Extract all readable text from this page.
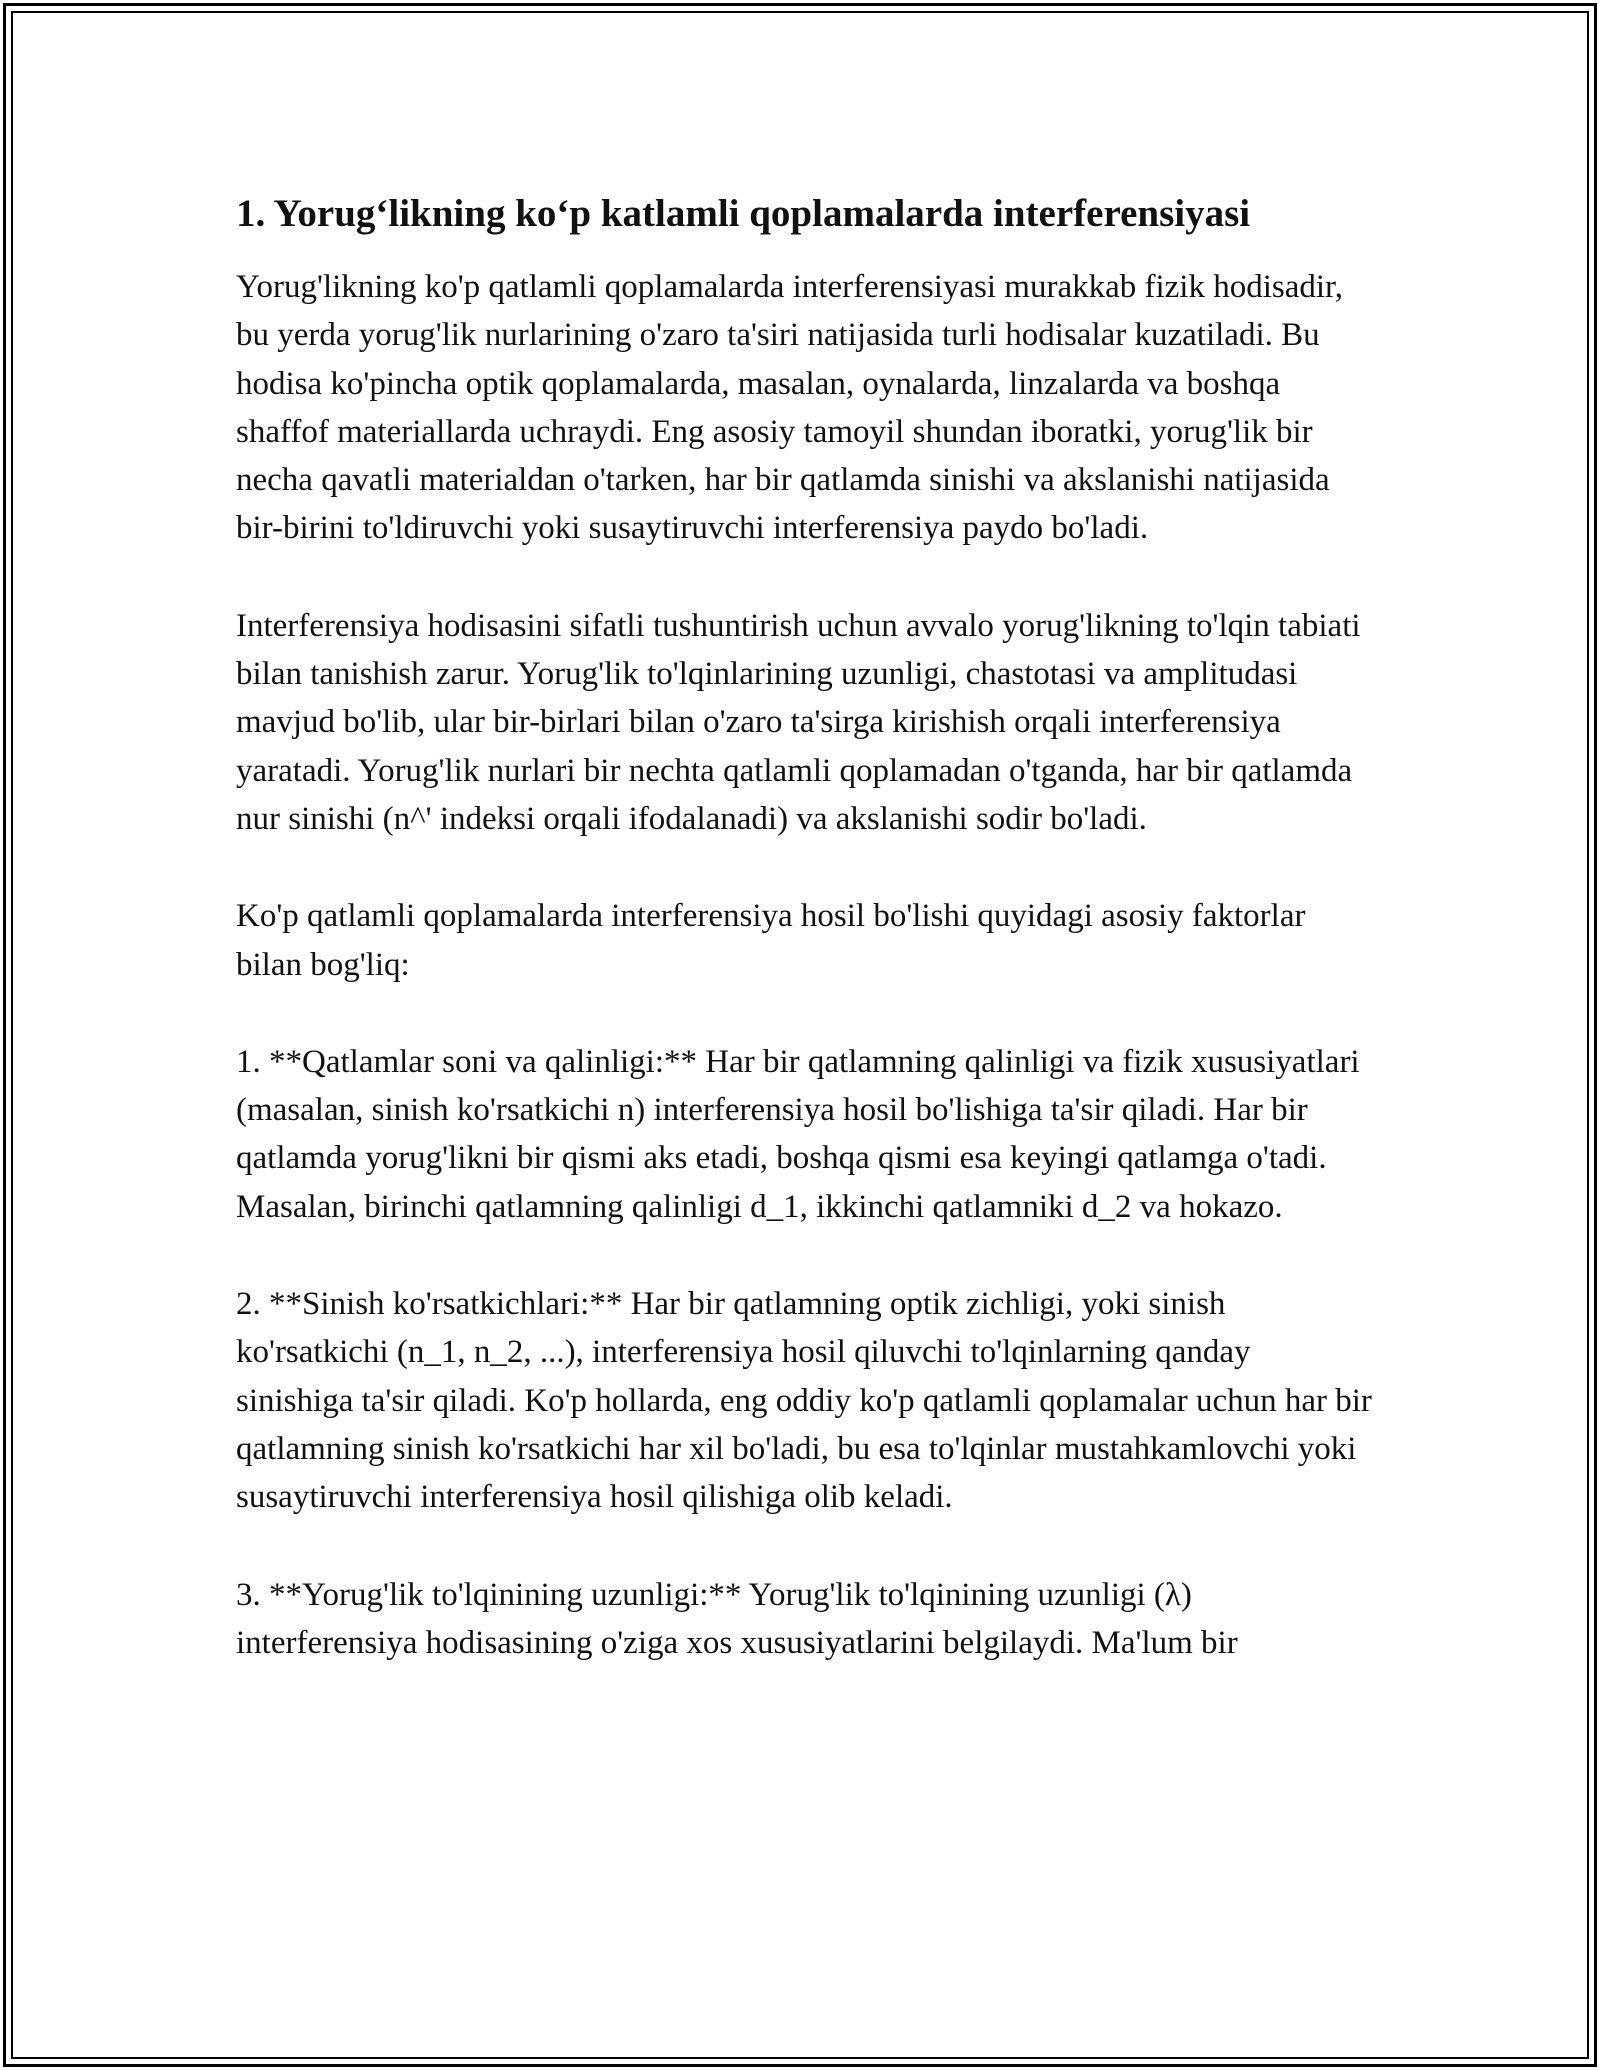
1. Yorug‘likning ko‘p katlamli qoplamalarda interferensiyasi

Yorug'likning ko'p qatlamli qoplamalarda interferensiyasi murakkab fizik hodisadir, bu yerda yorug'lik nurlarining o'zaro ta'siri natijasida turli hodisalar kuzatiladi. Bu hodisa ko'pincha optik qoplamalarda, masalan, oynalarda, linzalarda va boshqa shaffof materiallarda uchraydi. Eng asosiy tamoyil shundan iboratki, yorug'lik bir necha qavatli materialdan o'tarken, har bir qatlamda sinishi va akslanishi natijasida bir-birini to'ldiruvchi yoki susaytiruvchi interferensiya paydo bo'ladi.

Interferensiya hodisasini sifatli tushuntirish uchun avvalo yorug'likning to'lqin tabiati bilan tanishish zarur. Yorug'lik to'lqinlarining uzunligi, chastotasi va amplitudasi mavjud bo'lib, ular bir-birlari bilan o'zaro ta'sirga kirishish orqali interferensiya yaratadi. Yorug'lik nurlari bir nechta qatlamli qoplamadan o'tganda, har bir qatlamda nur sinishi (n^' indeksi orqali ifodalanadi) va akslanishi sodir bo'ladi.

Ko'p qatlamli qoplamalarda interferensiya hosil bo'lishi quyidagi asosiy faktorlar bilan bog'liq:

1. **Qatlamlar soni va qalinligi:** Har bir qatlamning qalinligi va fizik xususiyatlari (masalan, sinish ko'rsatkichi n) interferensiya hosil bo'lishiga ta'sir qiladi. Har bir qatlamda yorug'likni bir qismi aks etadi, boshqa qismi esa keyingi qatlamga o'tadi. Masalan, birinchi qatlamning qalinligi d_1, ikkinchi qatlamniki d_2 va hokazo.

2. **Sinish ko'rsatkichlari:** Har bir qatlamning optik zichligi, yoki sinish ko'rsatkichi (n_1, n_2, ...), interferensiya hosil qiluvchi to'lqinlarning qanday sinishiga ta'sir qiladi. Ko'p hollarda, eng oddiy ko'p qatlamli qoplamalar uchun har bir qatlamning sinish ko'rsatkichi har xil bo'ladi, bu esa to'lqinlar mustahkamlovchi yoki susaytiruvchi interferensiya hosil qilishiga olib keladi.

3. **Yorug'lik to'lqinining uzunligi:** Yorug'lik to'lqinining uzunligi (λ) interferensiya hodisasining o'ziga xos xususiyatlarini belgilaydi. Ma'lum bir
